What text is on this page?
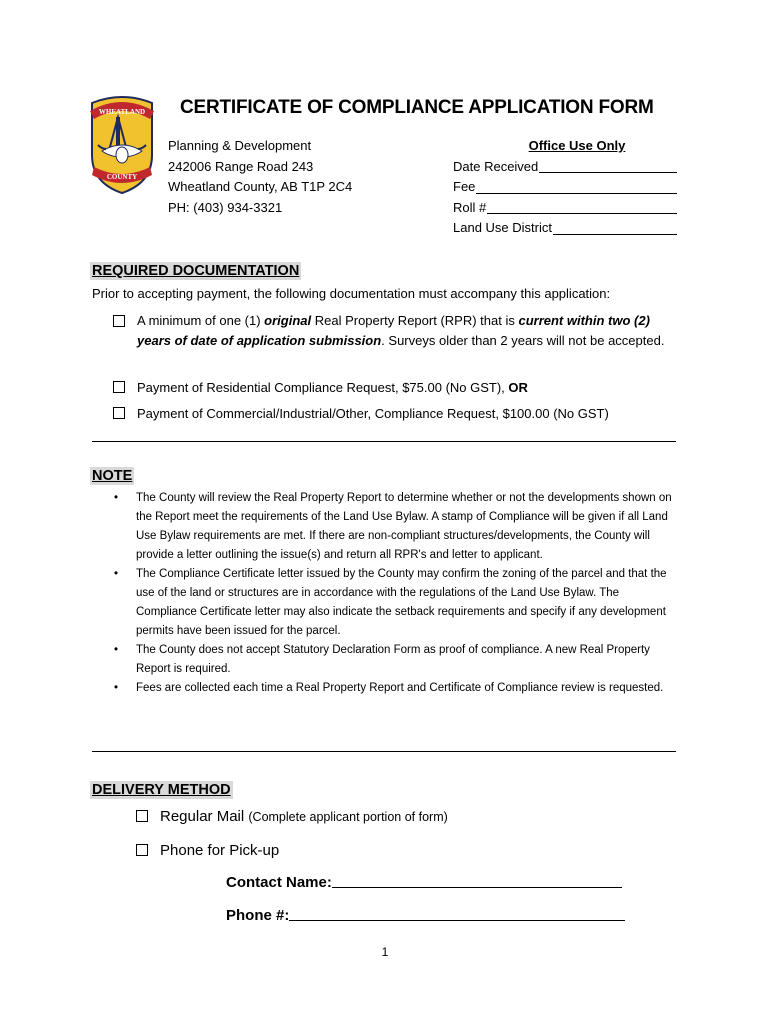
WHEATLAND
COUNTY
CERTIFICATE OF COMPLIANCE APPLICATION FORM
Planning & Development
242006 Range Road 243
Wheatland County, AB T1P 2C4
PH: (403) 934-3321
Office Use Only
Date Received
Fee
Roll #
Land Use District
REQUIRED DOCUMENTATION
Prior to accepting payment, the following documentation must accompany this application:
A minimum of one (1) original Real Property Report (RPR) that is current within two (2) years of date of application submission. Surveys older than 2 years will not be accepted.
Payment of Residential Compliance Request, $75.00 (No GST), OR
Payment of Commercial/Industrial/Other, Compliance Request, $100.00 (No GST)
NOTE
• The County will review the Real Property Report to determine whether or not the developments shown on the Report meet the requirements of the Land Use Bylaw. A stamp of Compliance will be given if all Land Use Bylaw requirements are met. If there are non-compliant structures/developments, the County will provide a letter outlining the issue(s) and return all RPR's and letter to applicant.
• The Compliance Certificate letter issued by the County may confirm the zoning of the parcel and that the use of the land or structures are in accordance with the regulations of the Land Use Bylaw. The Compliance Certificate letter may also indicate the setback requirements and specify if any development permits have been issued for the parcel.
• The County does not accept Statutory Declaration Form as proof of compliance. A new Real Property Report is required.
• Fees are collected each time a Real Property Report and Certificate of Compliance review is requested.
DELIVERY METHOD
Regular Mail (Complete applicant portion of form)
Phone for Pick-up
Contact Name:
Phone #:
1
